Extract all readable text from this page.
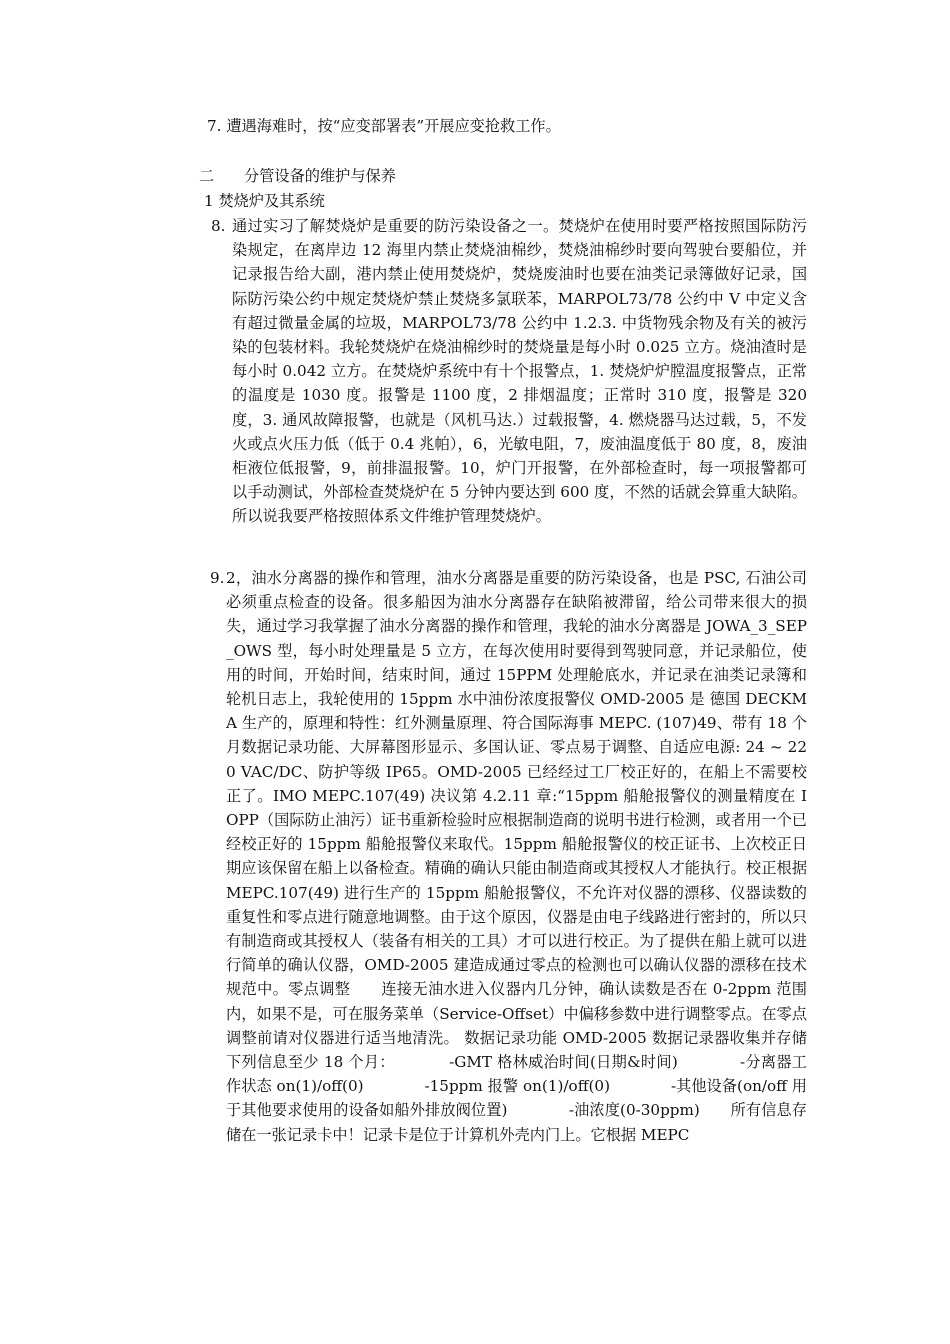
7. 遭遇海难时，按“应变部署表”开展应变抢救工作。
二 分管设备的维护与保养
1 焚烧炉及其系统
8. 通过实习了解焚烧炉是重要的防污染设备之一。焚烧炉在使用时要严格按照国际防污染规定，在离岸边 12 海里内禁止焚烧油棉纱，焚烧油棉纱时要向驾驶台要船位，并记录报告给大副，港内禁止使用焚烧炉，焚烧废油时也要在油类记录簿做好记录，国际防污染公约中规定焚烧炉禁止焚烧多氯联苯，MARPOL73/78 公约中 V 中定义含有超过微量金属的垃圾，MARPOL73/78 公约中 1.2.3. 中货物残余物及有关的被污染的包装材料。我轮焚烧炉在烧油棉纱时的焚烧量是每小时 0.025 立方。烧油渣时是每小时 0.042 立方。在焚烧炉系统中有十个报警点，1. 焚烧炉炉膛温度报警点，正常的温度是 1030 度。报警是 1100 度，2 排烟温度；正常时 310 度，报警是 320 度，3. 通风故障报警，也就是（风机马达.）过载报警，4. 燃烧器马达过载，5，不发火或点火压力低（低于 0.4 兆帕），6，光敏电阻，7，废油温度低于 80 度，8，废油柜液位低报警，9，前排温报警。10，炉门开报警，在外部检查时，每一项报警都可以手动测试，外部检查焚烧炉在 5 分钟内要达到 600 度，不然的话就会算重大缺陷。所以说我要严格按照体系文件维护管理焚烧炉。
9. 2，油水分离器的操作和管理，油水分离器是重要的防污染设备，也是 PSC, 石油公司必须重点检查的设备。很多船因为油水分离器存在缺陷被滞留，给公司带来很大的损失，通过学习我掌握了油水分离器的操作和管理，我轮的油水分离器是 JOWA_3_SEP_OWS 型，每小时处理量是 5 立方，在每次使用时要得到驾驶同意，并记录船位，使用的时间，开始时间，结束时间，通过 15PPM 处理舱底水，并记录在油类记录簿和轮机日志上，我轮使用的 15ppm 水中油份浓度报警仪 OMD-2005 是 德国 DECKMA 生产的，原理和特性：红外测量原理、符合国际海事 MEPC. (107)49、带有 18 个月数据记录功能、大屏幕图形显示、多国认证、零点易于调整、自适应电源: 24 ~ 220 VAC/DC、防护等级 IP65。OMD-2005 已经经过工厂校正好的，在船上不需要校正了。IMO MEPC.107(49) 决议第 4.2.11 章:“15ppm 船舱报警仪的测量精度在 IOPP（国际防止油污）证书重新检验时应根据制造商的说明书进行检测，或者用一个已经校正好的 15ppm 船舱报警仪来取代。15ppm 船舱报警仪的校正证书、上次校正日期应该保留在船上以备检查。精确的确认只能由制造商或其授权人才能执行。校正根据 MEPC.107(49) 进行生产的 15ppm 船舱报警仪，不允许对仪器的漂移、仪器读数的重复性和零点进行随意地调整。由于这个原因，仪器是由电子线路进行密封的，所以只有制造商或其授权人（装备有相关的工具）才可以进行校正。为了提供在船上就可以进行简单的确认仪器，OMD-2005 建造成通过零点的检测也可以确认仪器的漂移在技术规范中。零点调整　　连接无油水进入仪器内几分钟，确认读数是否在 0-2ppm 范围内，如果不是，可在服务菜单（Service-Offset）中偏移参数中进行调整零点。在零点调整前请对仪器进行适当地清洗。 数据记录功能 OMD-2005 数据记录器收集并存储下列信息至少 18 个月：　　　　-GMT 格林威治时间(日期&时间)　　　　-分离器工作状态 on(1)/off(0)　　　　-15ppm 报警 on(1)/off(0)　　　　-其他设备(on/off 用于其他要求使用的设备如船外排放阀位置)　　　　-油浓度(0-30ppm)　　所有信息存储在一张记录卡中！记录卡是位于计算机外壳内门上。它根据 MEPC
